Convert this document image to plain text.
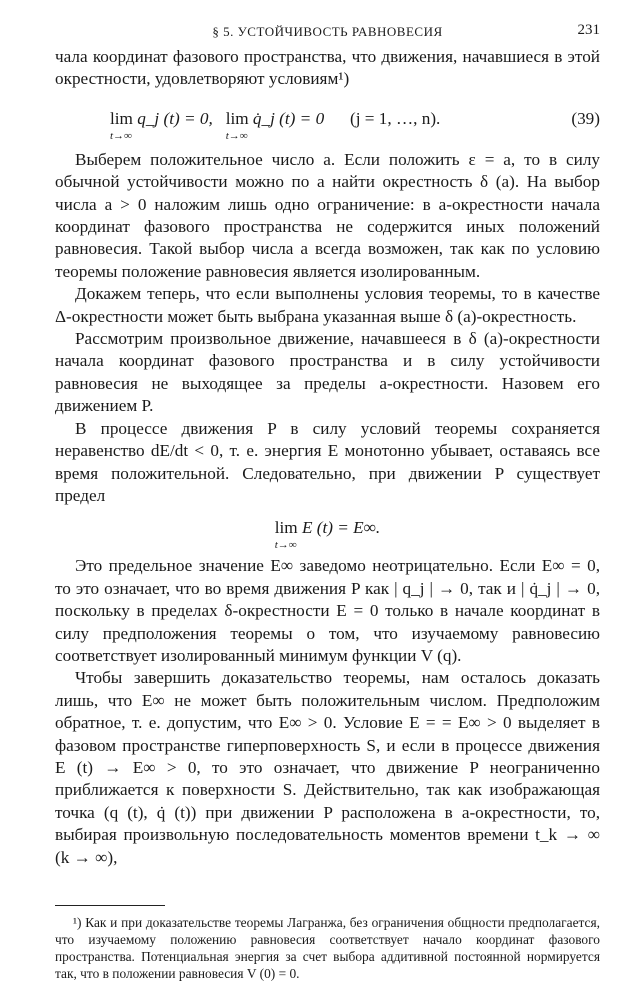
§ 5. УСТОЙЧИВОСТЬ РАВНОВЕСИЯ	231

чала координат фазового пространства, что движения, начавшиеся в этой окрестности, удовлетворяют условиям¹)

lim
t→∞

q_j (t) = 0,
lim
t→∞

q̇_j (t) = 0
(j = 1, …, n).	(39)

Выберем положительное число a. Если положить ε = a, то в силу обычной устойчивости можно по a найти окрестность δ (a). На выбор числа a > 0 наложим лишь одно ограничение: в a-окрестности начала координат фазового пространства не содержится иных положений равновесия. Такой выбор числа a всегда возможен, так как по условию теоремы положение равновесия является изолированным.

Докажем теперь, что если выполнены условия теоремы, то в качестве Δ-окрестности может быть выбрана указанная выше δ (a)-окрестность.

Рассмотрим произвольное движение, начавшееся в δ (a)-окрестности начала координат фазового пространства и в силу устойчивости равновесия не выходящее за пределы a-окрестности. Назовем его движением P.

В процессе движения P в силу условий теоремы сохраняется неравенство dE/dt < 0, т. е. энергия E монотонно убывает, оставаясь все время положительной. Следовательно, при движении P существует предел

lim
t→∞

E (t) = E∞.

Это предельное значение E∞ заведомо неотрицательно. Если E∞ = 0, то это означает, что во время движения P как | q_j | → 0, так и | q̇_j | → 0, поскольку в пределах δ-окрестности E = 0 только в начале координат в силу предположения теоремы о том, что изучаемому равновесию соответствует изолированный минимум функции V (q).

Чтобы завершить доказательство теоремы, нам осталось доказать лишь, что E∞ не может быть положительным числом. Предположим обратное, т. е. допустим, что E∞ > 0. Условие E = = E∞ > 0 выделяет в фазовом пространстве гиперповерхность S, и если в процессе движения E (t) → E∞ > 0, то это означает, что движение P неограниченно приближается к поверхности S. Действительно, так как изображающая точка (q (t), q̇ (t)) при движении P расположена в a-окрестности, то, выбирая произвольную последовательность моментов времени t_k → ∞ (k → ∞),

¹) Как и при доказательстве теоремы Лагранжа, без ограничения общности предполагается, что изучаемому положению равновесия соответствует начало координат фазового пространства. Потенциальная энергия за счет выбора аддитивной постоянной нормируется так, что в положении равновесия V (0) = 0.
